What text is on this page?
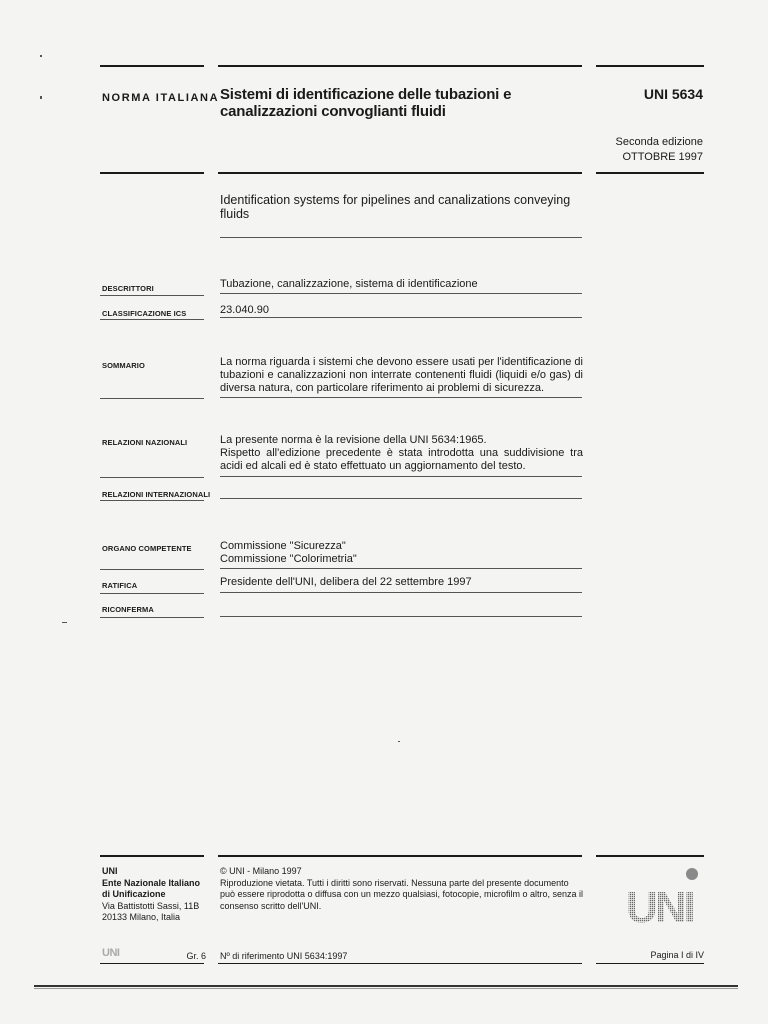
NORMA ITALIANA Sistemi di identificazione delle tubazioni e
canalizzazioni convoglianti fluidi
UNI 5634
Seconda edizione
OTTOBRE 1997
Identification systems for pipelines and canalizations conveying
fluids
DESCRITTORI	Tubazione, canalizzazione, sistema di identificazione
CLASSIFICAZIONE ICS	23.040.90
SOMMARIO	La norma riguarda i sistemi che devono essere usati per l'identificazione di tubazioni e canalizzazioni non interrate contenenti fluidi (liquidi e/o gas) di diversa natura, con particolare riferimento ai problemi di sicurezza.
RELAZIONI NAZIONALI	La presente norma è la revisione della UNI 5634:1965.
Rispetto all'edizione precedente è stata introdotta una suddivisione tra acidi ed alcali ed è stato effettuato un aggiornamento del testo.
RELAZIONI INTERNAZIONALI
ORGANO COMPETENTE	Commissione "Sicurezza"
Commissione "Colorimetria"
RATIFICA	Presidente dell'UNI, delibera del 22 settembre 1997
RICONFERMA
UNI
Ente Nazionale Italiano
di Unificazione
Via Battistotti Sassi, 11B
20133 Milano, Italia
© UNI - Milano 1997
Riproduzione vietata. Tutti i diritti sono riservati. Nessuna parte del presente documento può essere riprodotta o diffusa con un mezzo qualsiasi, fotocopie, microfilm o altro, senza il consenso scritto dell'UNI.	UNI
UNI	Gr. 6 Nº di riferimento UNI 5634:1997	Pagina I di IV
